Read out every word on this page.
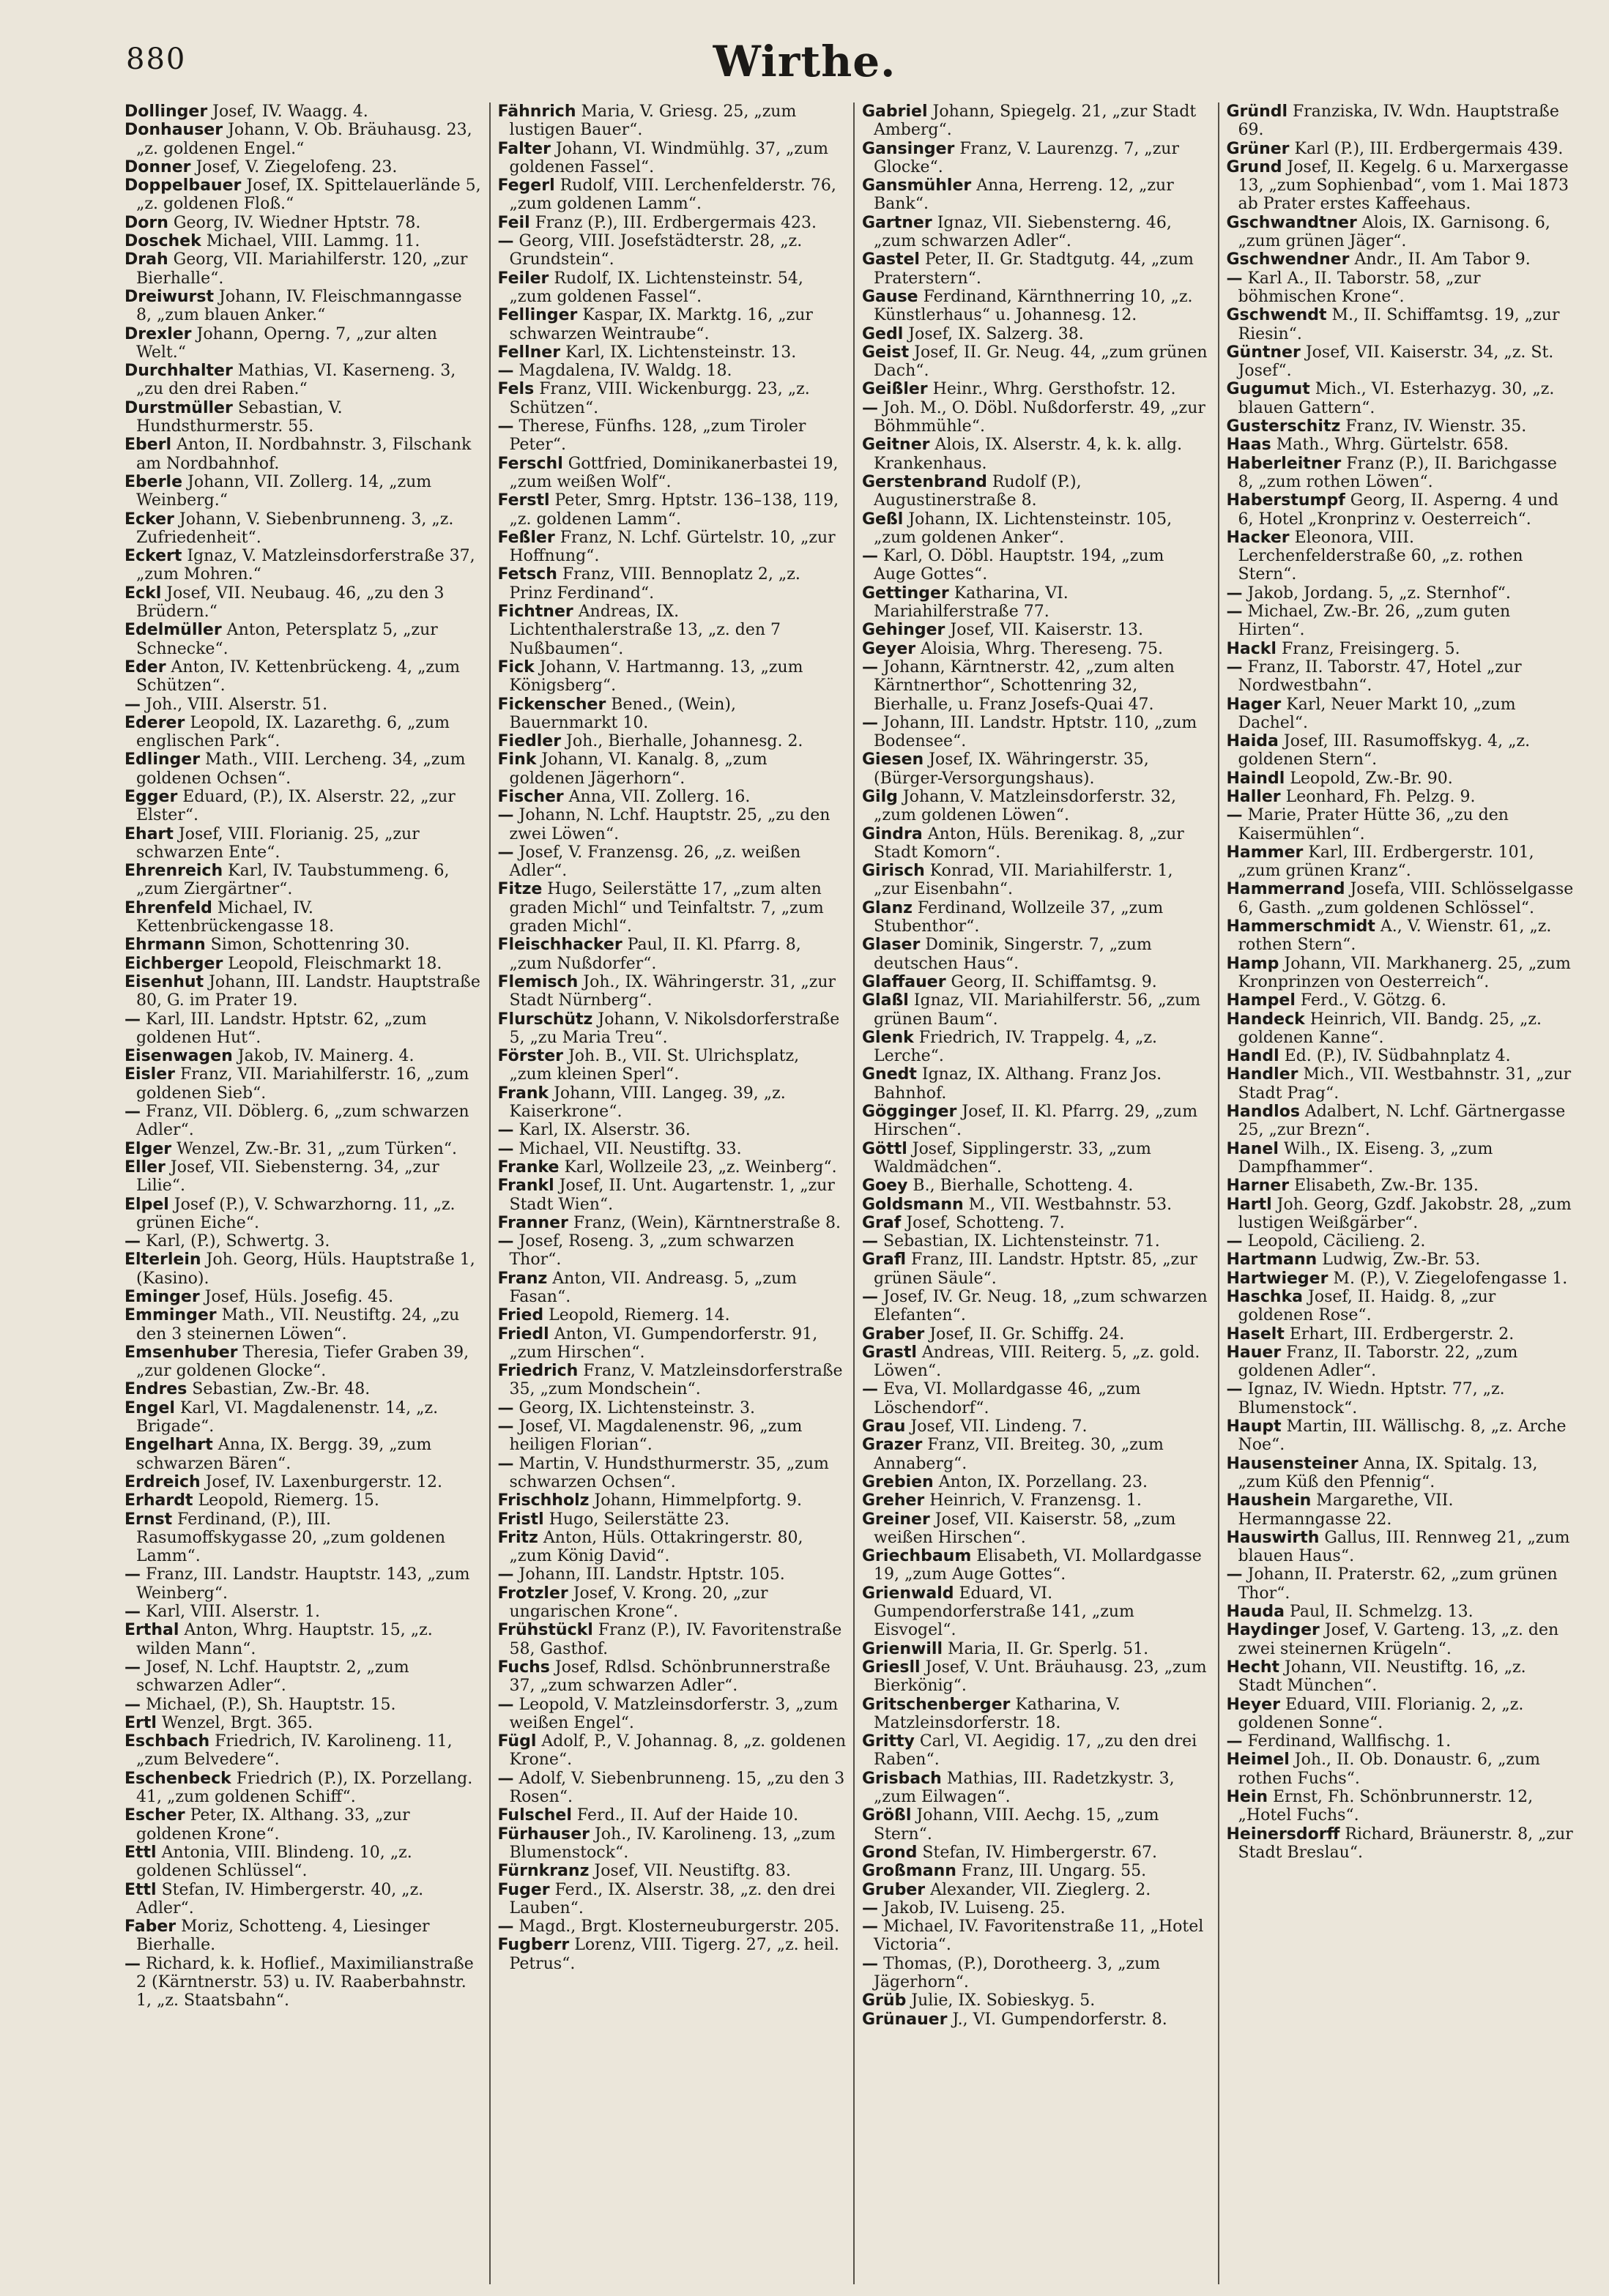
880	Wirthe.

Dollinger Josef, IV. Waagg. 4.

Donhauser Johann, V. Ob. Bräuhausg. 23, „z. goldenen Engel.“

Donner Josef, V. Ziegelofeng. 23.

Doppelbauer Josef, IX. Spittelauerlände 5, „z. goldenen Floß.“

Dorn Georg, IV. Wiedner Hptstr. 78.

Doschek Michael, VIII. Lammg. 11.

Drah Georg, VII. Mariahilferstr. 120, „zur Bierhalle“.

Dreiwurst Johann, IV. Fleischmanngasse 8, „zum blauen Anker.“

Drexler Johann, Operng. 7, „zur alten Welt.“

Durchhalter Mathias, VI. Kaserneng. 3, „zu den drei Raben.“

Durstmüller Sebastian, V. Hundsthurmerstr. 55.

Eberl Anton, II. Nordbahnstr. 3, Filschank am Nordbahnhof.

Eberle Johann, VII. Zollerg. 14, „zum Weinberg.“

Ecker Johann, V. Siebenbrunneng. 3, „z. Zufriedenheit“.

Eckert Ignaz, V. Matzleinsdorferstraße 37, „zum Mohren.“

Eckl Josef, VII. Neubaug. 46, „zu den 3 Brüdern.“

Edelmüller Anton, Petersplatz 5, „zur Schnecke“.

Eder Anton, IV. Kettenbrückeng. 4, „zum Schützen“.

— Joh., VIII. Alserstr. 51.

Ederer Leopold, IX. Lazarethg. 6, „zum englischen Park“.

Edlinger Math., VIII. Lercheng. 34, „zum goldenen Ochsen“.

Egger Eduard, (P.), IX. Alserstr. 22, „zur Elster“.

Ehart Josef, VIII. Florianig. 25, „zur schwarzen Ente“.

Ehrenreich Karl, IV. Taubstummeng. 6, „zum Ziergärtner“.

Ehrenfeld Michael, IV. Kettenbrückengasse 18.

Ehrmann Simon, Schottenring 30.

Eichberger Leopold, Fleischmarkt 18.

Eisenhut Johann, III. Landstr. Hauptstraße 80, G. im Prater 19.

— Karl, III. Landstr. Hptstr. 62, „zum goldenen Hut“.

Eisenwagen Jakob, IV. Mainerg. 4.

Eisler Franz, VII. Mariahilferstr. 16, „zum goldenen Sieb“.

— Franz, VII. Döblerg. 6, „zum schwarzen Adler“.

Elger Wenzel, Zw.-Br. 31, „zum Türken“.

Eller Josef, VII. Siebensterng. 34, „zur Lilie“.

Elpel Josef (P.), V. Schwarzhorng. 11, „z. grünen Eiche“.

— Karl, (P.), Schwertg. 3.

Elterlein Joh. Georg, Hüls. Hauptstraße 1, (Kasino).

Eminger Josef, Hüls. Josefig. 45.

Emminger Math., VII. Neustiftg. 24, „zu den 3 steinernen Löwen“.

Emsenhuber Theresia, Tiefer Graben 39, „zur goldenen Glocke“.

Endres Sebastian, Zw.-Br. 48.

Engel Karl, VI. Magdalenenstr. 14, „z. Brigade“.

Engelhart Anna, IX. Bergg. 39, „zum schwarzen Bären“.

Erdreich Josef, IV. Laxenburgerstr. 12.

Erhardt Leopold, Riemerg. 15.

Ernst Ferdinand, (P.), III. Rasumoffskygasse 20, „zum goldenen Lamm“.

— Franz, III. Landstr. Hauptstr. 143, „zum Weinberg“.

— Karl, VIII. Alserstr. 1.

Erthal Anton, Whrg. Hauptstr. 15, „z. wilden Mann“.

— Josef, N. Lchf. Hauptstr. 2, „zum schwarzen Adler“.

— Michael, (P.), Sh. Hauptstr. 15.

Ertl Wenzel, Brgt. 365.

Eschbach Friedrich, IV. Karolineng. 11, „zum Belvedere“.

Eschenbeck Friedrich (P.), IX. Porzellang. 41, „zum goldenen Schiff“.

Escher Peter, IX. Althang. 33, „zur goldenen Krone“.

Ettl Antonia, VIII. Blindeng. 10, „z. goldenen Schlüssel“.

Ettl Stefan, IV. Himbergerstr. 40, „z. Adler“.

Faber Moriz, Schotteng. 4, Liesinger Bierhalle.

— Richard, k. k. Hoflief., Maximilianstraße 2 (Kärntnerstr. 53) u. IV. Raaberbahnstr. 1, „z. Staatsbahn“.

Fähnrich Maria, V. Griesg. 25, „zum lustigen Bauer“.

Falter Johann, VI. Windmühlg. 37, „zum goldenen Fassel“.

Fegerl Rudolf, VIII. Lerchenfelderstr. 76, „zum goldenen Lamm“.

Feil Franz (P.), III. Erdbergermais 423.

— Georg, VIII. Josefstädterstr. 28, „z. Grundstein“.

Feiler Rudolf, IX. Lichtensteinstr. 54, „zum goldenen Fassel“.

Fellinger Kaspar, IX. Marktg. 16, „zur schwarzen Weintraube“.

Fellner Karl, IX. Lichtensteinstr. 13.

— Magdalena, IV. Waldg. 18.

Fels Franz, VIII. Wickenburgg. 23, „z. Schützen“.

— Therese, Fünfhs. 128, „zum Tiroler Peter“.

Ferschl Gottfried, Dominikanerbastei 19, „zum weißen Wolf“.

Ferstl Peter, Smrg. Hptstr. 136–138, 119, „z. goldenen Lamm“.

Feßler Franz, N. Lchf. Gürtelstr. 10, „zur Hoffnung“.

Fetsch Franz, VIII. Bennoplatz 2, „z. Prinz Ferdinand“.

Fichtner Andreas, IX. Lichtenthalerstraße 13, „z. den 7 Nußbaumen“.

Fick Johann, V. Hartmanng. 13, „zum Königsberg“.

Fickenscher Bened., (Wein), Bauernmarkt 10.

Fiedler Joh., Bierhalle, Johannesg. 2.

Fink Johann, VI. Kanalg. 8, „zum goldenen Jägerhorn“.

Fischer Anna, VII. Zollerg. 16.

— Johann, N. Lchf. Hauptstr. 25, „zu den zwei Löwen“.

— Josef, V. Franzensg. 26, „z. weißen Adler“.

Fitze Hugo, Seilerstätte 17, „zum alten graden Michl“ und Teinfaltstr. 7, „zum graden Michl“.

Fleischhacker Paul, II. Kl. Pfarrg. 8, „zum Nußdorfer“.

Flemisch Joh., IX. Währingerstr. 31, „zur Stadt Nürnberg“.

Flurschütz Johann, V. Nikolsdorferstraße 5, „zu Maria Treu“.

Förster Joh. B., VII. St. Ulrichsplatz, „zum kleinen Sperl“.

Frank Johann, VIII. Langeg. 39, „z. Kaiserkrone“.

— Karl, IX. Alserstr. 36.

— Michael, VII. Neustiftg. 33.

Franke Karl, Wollzeile 23, „z. Weinberg“.

Frankl Josef, II. Unt. Augartenstr. 1, „zur Stadt Wien“.

Franner Franz, (Wein), Kärntnerstraße 8.

— Josef, Roseng. 3, „zum schwarzen Thor“.

Franz Anton, VII. Andreasg. 5, „zum Fasan“.

Fried Leopold, Riemerg. 14.

Friedl Anton, VI. Gumpendorferstr. 91, „zum Hirschen“.

Friedrich Franz, V. Matzleinsdorferstraße 35, „zum Mondschein“.

— Georg, IX. Lichtensteinstr. 3.

— Josef, VI. Magdalenenstr. 96, „zum heiligen Florian“.

— Martin, V. Hundsthurmerstr. 35, „zum schwarzen Ochsen“.

Frischholz Johann, Himmelpfortg. 9.

Fristl Hugo, Seilerstätte 23.

Fritz Anton, Hüls. Ottakringerstr. 80, „zum König David“.

— Johann, III. Landstr. Hptstr. 105.

Frotzler Josef, V. Krong. 20, „zur ungarischen Krone“.

Frühstückl Franz (P.), IV. Favoritenstraße 58, Gasthof.

Fuchs Josef, Rdlsd. Schönbrunnerstraße 37, „zum schwarzen Adler“.

— Leopold, V. Matzleinsdorferstr. 3, „zum weißen Engel“.

Fügl Adolf, P., V. Johannag. 8, „z. goldenen Krone“.

— Adolf, V. Siebenbrunneng. 15, „zu den 3 Rosen“.

Fulschel Ferd., II. Auf der Haide 10.

Fürhauser Joh., IV. Karolineng. 13, „zum Blumenstock“.

Fürnkranz Josef, VII. Neustiftg. 83.

Fuger Ferd., IX. Alserstr. 38, „z. den drei Lauben“.

— Magd., Brgt. Klosterneuburgerstr. 205.

Fugberr Lorenz, VIII. Tigerg. 27, „z. heil. Petrus“.

Gabriel Johann, Spiegelg. 21, „zur Stadt Amberg“.

Gansinger Franz, V. Laurenzg. 7, „zur Glocke“.

Gansmühler Anna, Herreng. 12, „zur Bank“.

Gartner Ignaz, VII. Siebensterng. 46, „zum schwarzen Adler“.

Gastel Peter, II. Gr. Stadtgutg. 44, „zum Praterstern“.

Gause Ferdinand, Kärnthnerring 10, „z. Künstlerhaus“ u. Johannesg. 12.

Gedl Josef, IX. Salzerg. 38.

Geist Josef, II. Gr. Neug. 44, „zum grünen Dach“.

Geißler Heinr., Whrg. Gersthofstr. 12.

— Joh. M., O. Döbl. Nußdorferstr. 49, „zur Böhmmühle“.

Geitner Alois, IX. Alserstr. 4, k. k. allg. Krankenhaus.

Gerstenbrand Rudolf (P.), Augustinerstraße 8.

Geßl Johann, IX. Lichtensteinstr. 105, „zum goldenen Anker“.

— Karl, O. Döbl. Hauptstr. 194, „zum Auge Gottes“.

Gettinger Katharina, VI. Mariahilferstraße 77.

Gehinger Josef, VII. Kaiserstr. 13.

Geyer Aloisia, Whrg. Thereseng. 75.

— Johann, Kärntnerstr. 42, „zum alten Kärntnerthor“, Schottenring 32, Bierhalle, u. Franz Josefs-Quai 47.

— Johann, III. Landstr. Hptstr. 110, „zum Bodensee“.

Giesen Josef, IX. Währingerstr. 35, (Bürger-Versorgungshaus).

Gilg Johann, V. Matzleinsdorferstr. 32, „zum goldenen Löwen“.

Gindra Anton, Hüls. Berenikag. 8, „zur Stadt Komorn“.

Girisch Konrad, VII. Mariahilferstr. 1, „zur Eisenbahn“.

Glanz Ferdinand, Wollzeile 37, „zum Stubenthor“.

Glaser Dominik, Singerstr. 7, „zum deutschen Haus“.

Glaffauer Georg, II. Schiffamtsg. 9.

Glaßl Ignaz, VII. Mariahilferstr. 56, „zum grünen Baum“.

Glenk Friedrich, IV. Trappelg. 4, „z. Lerche“.

Gnedt Ignaz, IX. Althang. Franz Jos. Bahnhof.

Gögginger Josef, II. Kl. Pfarrg. 29, „zum Hirschen“.

Göttl Josef, Sipplingerstr. 33, „zum Waldmädchen“.

Goey B., Bierhalle, Schotteng. 4.

Goldsmann M., VII. Westbahnstr. 53.

Graf Josef, Schotteng. 7.

— Sebastian, IX. Lichtensteinstr. 71.

Grafl Franz, III. Landstr. Hptstr. 85, „zur grünen Säule“.

— Josef, IV. Gr. Neug. 18, „zum schwarzen Elefanten“.

Graber Josef, II. Gr. Schiffg. 24.

Grastl Andreas, VIII. Reiterg. 5, „z. gold. Löwen“.

— Eva, VI. Mollardgasse 46, „zum Löschendorf“.

Grau Josef, VII. Lindeng. 7.

Grazer Franz, VII. Breiteg. 30, „zum Annaberg“.

Grebien Anton, IX. Porzellang. 23.

Greher Heinrich, V. Franzensg. 1.

Greiner Josef, VII. Kaiserstr. 58, „zum weißen Hirschen“.

Griechbaum Elisabeth, VI. Mollardgasse 19, „zum Auge Gottes“.

Grienwald Eduard, VI. Gumpendorferstraße 141, „zum Eisvogel“.

Grienwill Maria, II. Gr. Sperlg. 51.

Griesll Josef, V. Unt. Bräuhausg. 23, „zum Bierkönig“.

Gritschenberger Katharina, V. Matzleinsdorferstr. 18.

Gritty Carl, VI. Aegidig. 17, „zu den drei Raben“.

Grisbach Mathias, III. Radetzkystr. 3, „zum Eilwagen“.

Größl Johann, VIII. Aechg. 15, „zum Stern“.

Grond Stefan, IV. Himbergerstr. 67.

Großmann Franz, III. Ungarg. 55.

Gruber Alexander, VII. Zieglerg. 2.

— Jakob, IV. Luiseng. 25.

— Michael, IV. Favoritenstraße 11, „Hotel Victoria“.

— Thomas, (P.), Dorotheerg. 3, „zum Jägerhorn“.

Grüb Julie, IX. Sobieskyg. 5.

Grünauer J., VI. Gumpendorferstr. 8.

Gründl Franziska, IV. Wdn. Hauptstraße 69.

Grüner Karl (P.), III. Erdbergermais 439.

Grund Josef, II. Kegelg. 6 u. Marxergasse 13, „zum Sophienbad“, vom 1. Mai 1873 ab Prater erstes Kaffeehaus.

Gschwandtner Alois, IX. Garnisong. 6, „zum grünen Jäger“.

Gschwendner Andr., II. Am Tabor 9.

— Karl A., II. Taborstr. 58, „zur böhmischen Krone“.

Gschwendt M., II. Schiffamtsg. 19, „zur Riesin“.

Güntner Josef, VII. Kaiserstr. 34, „z. St. Josef“.

Gugumut Mich., VI. Esterhazyg. 30, „z. blauen Gattern“.

Gusterschitz Franz, IV. Wienstr. 35.

Haas Math., Whrg. Gürtelstr. 658.

Haberleitner Franz (P.), II. Barichgasse 8, „zum rothen Löwen“.

Haberstumpf Georg, II. Asperng. 4 und 6, Hotel „Kronprinz v. Oesterreich“.

Hacker Eleonora, VIII. Lerchenfelderstraße 60, „z. rothen Stern“.

— Jakob, Jordang. 5, „z. Sternhof“.

— Michael, Zw.-Br. 26, „zum guten Hirten“.

Hackl Franz, Freisingerg. 5.

— Franz, II. Taborstr. 47, Hotel „zur Nordwestbahn“.

Hager Karl, Neuer Markt 10, „zum Dachel“.

Haida Josef, III. Rasumoffskyg. 4, „z. goldenen Stern“.

Haindl Leopold, Zw.-Br. 90.

Haller Leonhard, Fh. Pelzg. 9.

— Marie, Prater Hütte 36, „zu den Kaisermühlen“.

Hammer Karl, III. Erdbergerstr. 101, „zum grünen Kranz“.

Hammerrand Josefa, VIII. Schlösselgasse 6, Gasth. „zum goldenen Schlössel“.

Hammerschmidt A., V. Wienstr. 61, „z. rothen Stern“.

Hamp Johann, VII. Markhanerg. 25, „zum Kronprinzen von Oesterreich“.

Hampel Ferd., V. Götzg. 6.

Handeck Heinrich, VII. Bandg. 25, „z. goldenen Kanne“.

Handl Ed. (P.), IV. Südbahnplatz 4.

Handler Mich., VII. Westbahnstr. 31, „zur Stadt Prag“.

Handlos Adalbert, N. Lchf. Gärtnergasse 25, „zur Brezn“.

Hanel Wilh., IX. Eiseng. 3, „zum Dampfhammer“.

Harner Elisabeth, Zw.-Br. 135.

Hartl Joh. Georg, Gzdf. Jakobstr. 28, „zum lustigen Weißgärber“.

— Leopold, Cäcilieng. 2.

Hartmann Ludwig, Zw.-Br. 53.

Hartwieger M. (P.), V. Ziegelofengasse 1.

Haschka Josef, II. Haidg. 8, „zur goldenen Rose“.

Haselt Erhart, III. Erdbergerstr. 2.

Hauer Franz, II. Taborstr. 22, „zum goldenen Adler“.

— Ignaz, IV. Wiedn. Hptstr. 77, „z. Blumenstock“.

Haupt Martin, III. Wällischg. 8, „z. Arche Noe“.

Hausensteiner Anna, IX. Spitalg. 13, „zum Küß den Pfennig“.

Haushein Margarethe, VII. Hermanngasse 22.

Hauswirth Gallus, III. Rennweg 21, „zum blauen Haus“.

— Johann, II. Praterstr. 62, „zum grünen Thor“.

Hauda Paul, II. Schmelzg. 13.

Haydinger Josef, V. Garteng. 13, „z. den zwei steinernen Krügeln“.

Hecht Johann, VII. Neustiftg. 16, „z. Stadt München“.

Heyer Eduard, VIII. Florianig. 2, „z. goldenen Sonne“.

— Ferdinand, Wallfischg. 1.

Heimel Joh., II. Ob. Donaustr. 6, „zum rothen Fuchs“.

Hein Ernst, Fh. Schönbrunnerstr. 12, „Hotel Fuchs“.

Heinersdorff Richard, Bräunerstr. 8, „zur Stadt Breslau“.
